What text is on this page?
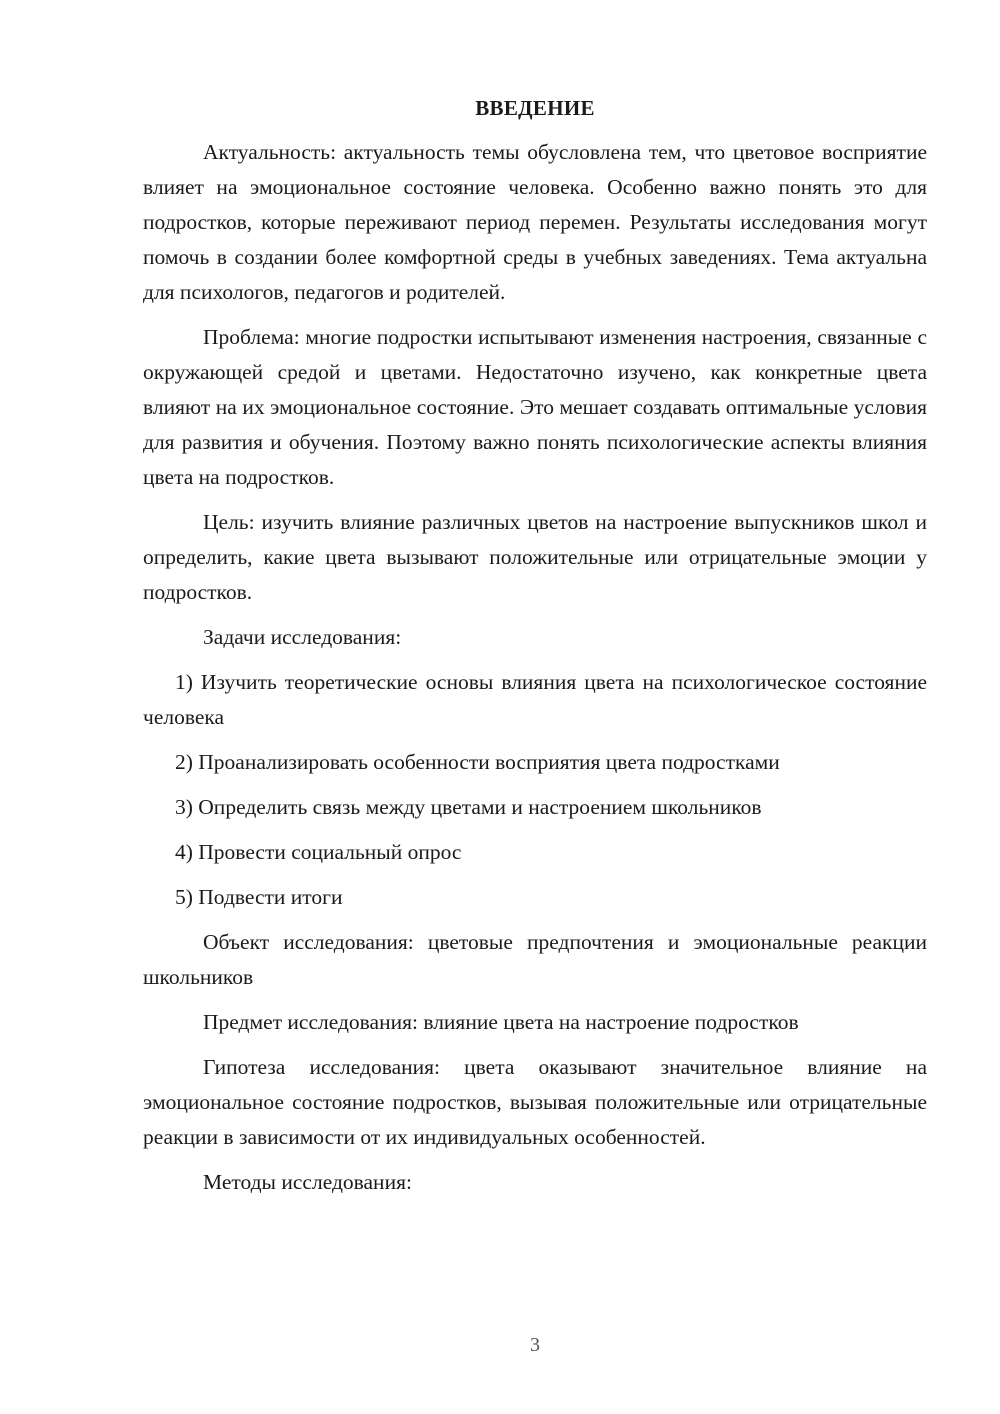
ВВЕДЕНИЕ

Актуальность: актуальность темы обусловлена тем, что цветовое восприятие влияет на эмоциональное состояние человека. Особенно важно понять это для подростков, которые переживают период перемен. Результаты исследования могут помочь в создании более комфортной среды в учебных заведениях. Тема актуальна для психологов, педагогов и родителей.

Проблема: многие подростки испытывают изменения настроения, связанные с окружающей средой и цветами. Недостаточно изучено, как конкретные цвета влияют на их эмоциональное состояние. Это мешает создавать оптимальные условия для развития и обучения. Поэтому важно понять психологические аспекты влияния цвета на подростков.

Цель: изучить влияние различных цветов на настроение выпускников школ и определить, какие цвета вызывают положительные или отрицательные эмоции у подростков.

Задачи исследования:

1) Изучить теоретические основы влияния цвета на психологическое состояние человека

2) Проанализировать особенности восприятия цвета подростками

3) Определить связь между цветами и настроением школьников

4) Провести социальный опрос

5) Подвести итоги

Объект исследования: цветовые предпочтения и эмоциональные реакции школьников

Предмет исследования: влияние цвета на настроение подростков

Гипотеза исследования: цвета оказывают значительное влияние на эмоциональное состояние подростков, вызывая положительные или отрицательные реакции в зависимости от их индивидуальных особенностей.

Методы исследования:

3
